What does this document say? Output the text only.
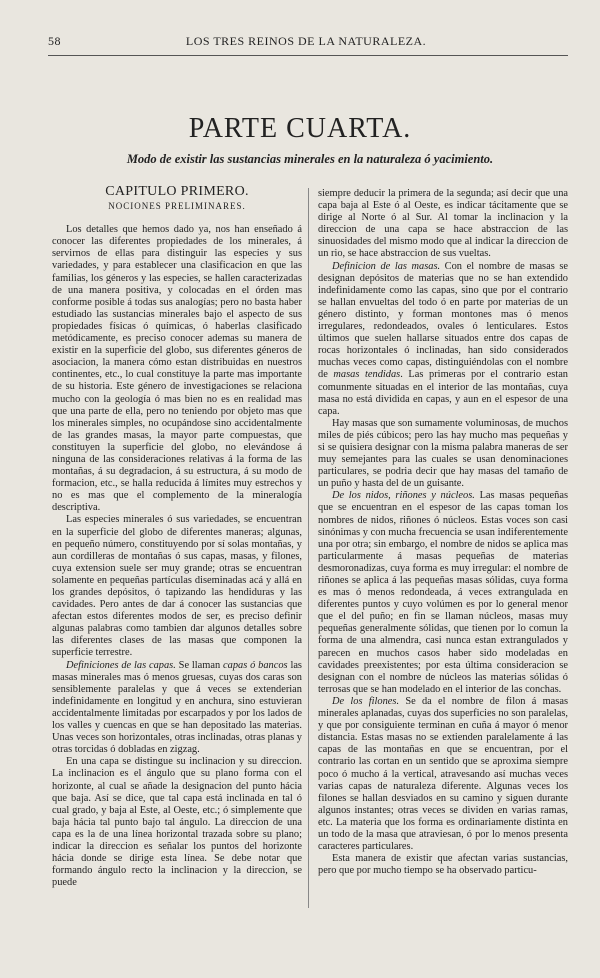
58	LOS TRES REINOS DE LA NATURALEZA.
PARTE CUARTA.
Modo de existir las sustancias minerales en la naturaleza ó yacimiento.
CAPITULO PRIMERO.
NOCIONES PRELIMINARES.

Los detalles que hemos dado ya, nos han enseñado á conocer las diferentes propiedades de los minerales, á servirnos de ellas para distinguir las especies y sus variedades, y para establecer una clasificacion en que las familias, los géneros y las especies, se hallen caracterizadas de una manera positiva, y colocadas en el órden mas conforme posible á todas sus analogías; pero no basta haber estudiado las sustancias minerales bajo el aspecto de sus propiedades físicas ó químicas, ó haberlas clasificado metódicamente, es preciso conocer ademas su manera de existir en la superficie del globo, sus diferentes géneros de asociacion, la manera cómo estan distribuidas en nuestros continentes, etc., lo cual constituye la parte mas importante de su historia. Este género de investigaciones se relaciona mucho con la geología ó mas bien no es en realidad mas que una parte de ella, pero no teniendo por objeto mas que los minerales simples, no ocupándose sino accidentalmente de las grandes masas, la mayor parte compuestas, que constituyen la superficie del globo, no elevándose á ninguna de las consideraciones relativas á la forma de las montañas, á su degradacion, á su estructura, á su modo de formacion, etc., se halla reducida á límites muy estrechos y no es mas que el complemento de la mineralogía descriptiva.

Las especies minerales ó sus variedades, se encuentran en la superficie del globo de diferentes maneras; algunas, en pequeño número, constituyendo por sí solas montañas, y aun cordilleras de montañas ó sus capas, masas, y filones, cuya extension suele ser muy grande; otras se encuentran solamente en pequeñas partículas diseminadas acá y allá en los grandes depósitos, ó tapizando las hendiduras y las cavidades. Pero antes de dar á conocer las sustancias que afectan estos diferentes modos de ser, es preciso definir algunas palabras como tambien dar algunos detalles sobre las diferentes clases de las masas que componen la superficie terrestre.

Definiciones de las capas. Se llaman capas ó bancos las masas minerales mas ó menos gruesas, cuyas dos caras son sensiblemente paralelas y que á veces se extenderian indefinidamente en longitud y en anchura, sino estuvieran accidentalmente limitadas por escarpados y por los lados de los valles y cuencas en que se han depositado las materias. Unas veces son horizontales, otras inclinadas, otras planas y otras torcidas ó dobladas en zigzag.

En una capa se distingue su inclinacion y su direccion. La inclinacion es el ángulo que su plano forma con el horizonte, al cual se añade la designacion del punto hácia que baja. Así se dice, que tal capa está inclinada en tal ó cual grado, y baja al Este, al Oeste, etc.; ó simplemente que baja hácia tal punto bajo tal ángulo. La direccion de una capa es la de una línea horizontal trazada sobre su plano; indicar la direccion es señalar los puntos del horizonte hácia donde se dirige esta línea. Se debe notar que formando ángulo recto la inclinacion y la direccion, se puede

siempre deducir la primera de la segunda; así decir que una capa baja al Este ó al Oeste, es indicar tácitamente que se dirige al Norte ó al Sur. Al tomar la inclinacion y la direccion de una capa se hace abstraccion de las sinuosidades del mismo modo que al indicar la direccion de un rio, se hace abstraccion de sus vueltas.

Definicion de las masas. Con el nombre de masas se designan depósitos de materias que no se han extendido indefinidamente como las capas, sino que por el contrario se hallan envueltas del todo ó en parte por materias de un género distinto, y forman montones mas ó menos irregulares, redondeados, ovales ó lenticulares. Estos últimos que suelen hallarse situados entre dos capas de rocas horizontales ó inclinadas, han sido considerados muchas veces como capas, distinguiéndolas con el nombre de masas tendidas. Las primeras por el contrario estan comunmente situadas en el interior de las montañas, cuya masa no está dividida en capas, y aun en el espesor de una capa.

Hay masas que son sumamente voluminosas, de muchos miles de piés cúbicos; pero las hay mucho mas pequeñas y si se quisiera designar con la misma palabra maneras de ser muy semejantes para las cuales se usan denominaciones particulares, se podria decir que hay masas del tamaño de un puño y hasta del de un guisante.

De los nidos, riñones y núcleos. Las masas pequeñas que se encuentran en el espesor de las capas toman los nombres de nidos, riñones ó núcleos. Estas voces son casi sinónimas y con mucha frecuencia se usan indiferentemente una por otra; sin embargo, el nombre de nidos se aplica mas particularmente á masas pequeñas de materias desmoronadizas, cuya forma es muy irregular: el nombre de riñones se aplica á las pequeñas masas sólidas, cuya forma es mas ó menos redondeada, á veces extrangulada en diferentes puntos y cuyo volúmen es por lo general menor que el del puño; en fin se llaman núcleos, masas muy pequeñas generalmente sólidas, que tienen por lo comun la forma de una almendra, casi nunca estan extrangulados y parecen en muchos casos haber sido modeladas en cavidades preexistentes; por esta última consideracion se designan con el nombre de núcleos las materias sólidas ó terrosas que se han modelado en el interior de las conchas.

De los filones. Se da el nombre de filon á masas minerales aplanadas, cuyas dos superficies no son paralelas, y que por consiguiente terminan en cuña á mayor ó menor distancia. Estas masas no se extienden paralelamente á las capas de las montañas en que se encuentran, por el contrario las cortan en un sentido que se aproxima siempre poco ó mucho á la vertical, atravesando así muchas veces varias capas de naturaleza diferente. Algunas veces los filones se hallan desviados en su camino y siguen durante algunos instantes; otras veces se dividen en varias ramas, etc. La materia que los forma es ordinariamente distinta en un todo de la masa que atraviesan, ó por lo menos presenta caracteres particulares.

Esta manera de existir que afectan varias sustancias, pero que por mucho tiempo se ha observado particu-
